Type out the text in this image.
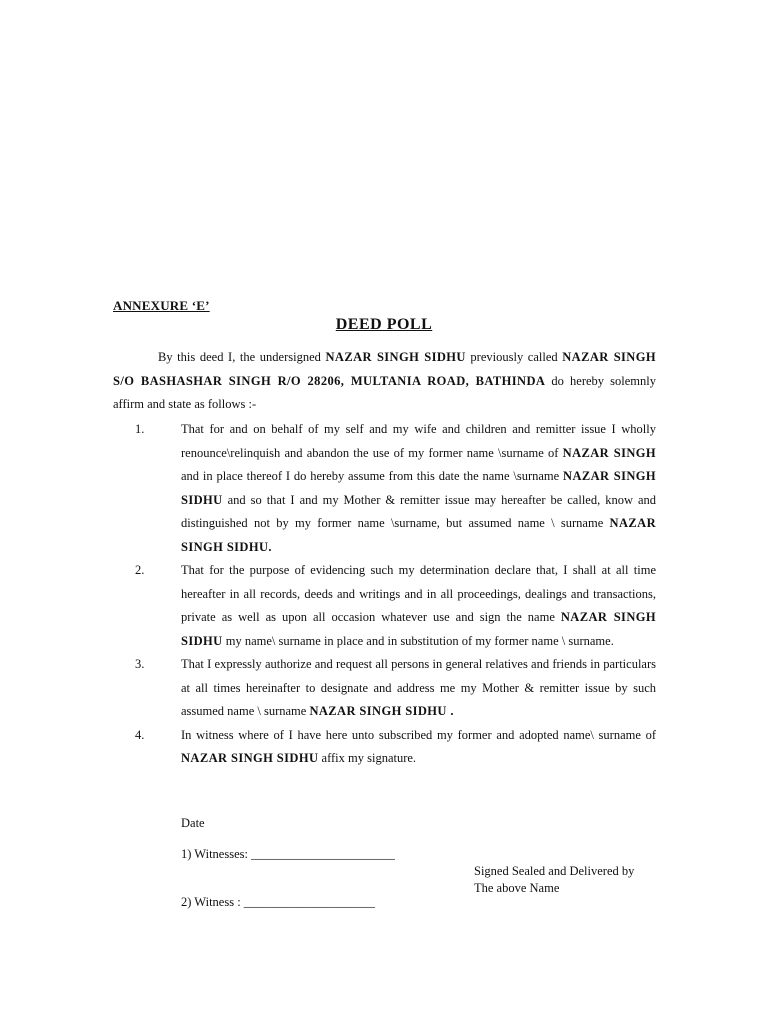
ANNEXURE ‘E’
DEED POLL
By this deed I, the undersigned NAZAR SINGH SIDHU previously called NAZAR SINGH S/O BASHASHAR SINGH R/O 28206, MULTANIA ROAD, BATHINDA do hereby solemnly affirm and state as follows :-
1.	That for and on behalf of my self and my wife and children and remitter issue I wholly renounce\relinquish and abandon the use of my former name \surname of NAZAR SINGH and in place thereof I do hereby assume from this date the name \surname NAZAR SINGH SIDHU and so that I and my Mother & remitter issue may hereafter be called, know and distinguished not by my former name \surname, but assumed name \ surname NAZAR SINGH SIDHU.
2.	That for the purpose of evidencing such my determination declare that, I shall at all time hereafter in all records, deeds and writings and in all proceedings, dealings and transactions, private as well as upon all occasion whatever use and sign the name NAZAR SINGH SIDHU my name\ surname in place and in substitution of my former name \ surname.
3.	That I expressly authorize and request all persons in general relatives and friends in particulars at all times hereinafter to designate and address me my Mother & remitter issue by such assumed name \ surname NAZAR SINGH SIDHU .
4.	In witness where of I have here unto subscribed my former and adopted name\ surname of NAZAR SINGH SIDHU affix my signature.
Date
1) Witnesses: _______________________
2) Witness : _____________________
Signed Sealed and Delivered by
The above Name
